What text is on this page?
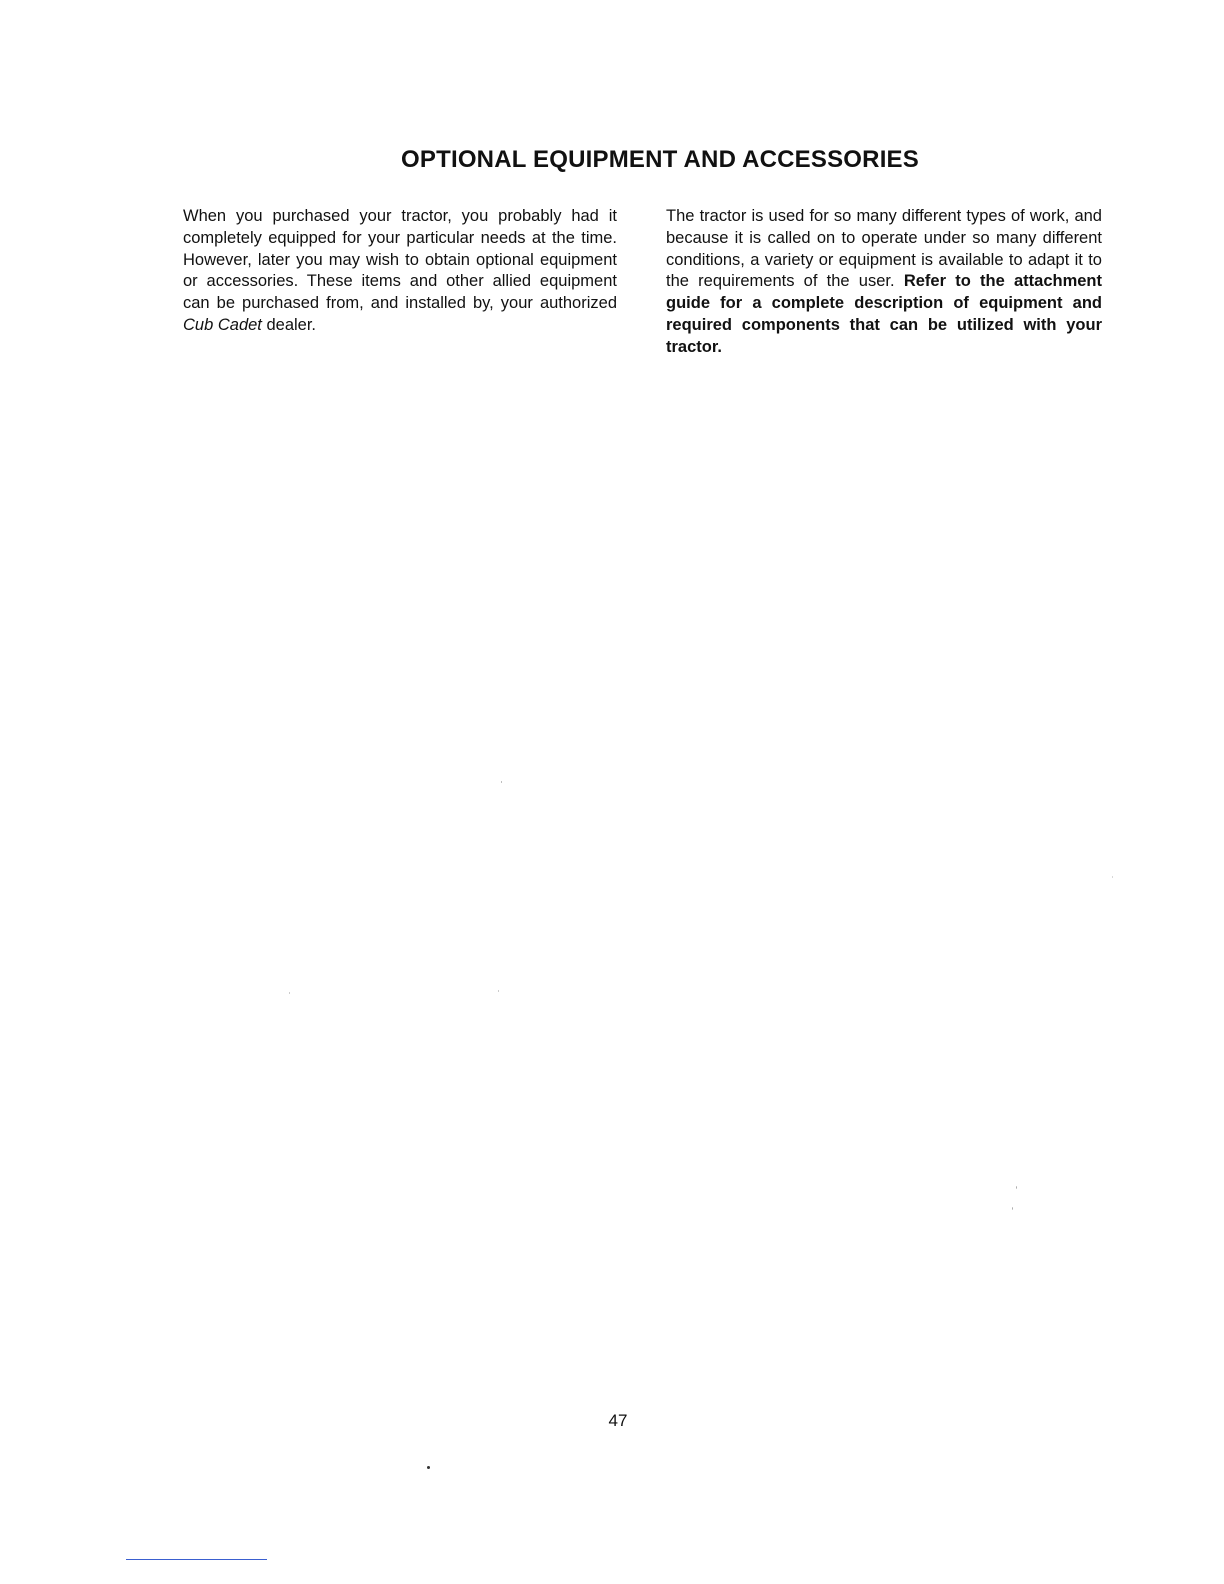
OPTIONAL EQUIPMENT AND ACCESSORIES

When you purchased your tractor, you probably had it completely equipped for your particular needs at the time. However, later you may wish to obtain optional equipment or accessories. These items and other allied equipment can be purchased from, and installed by, your authorized Cub Cadet dealer.

The tractor is used for so many different types of work, and because it is called on to operate under so many different conditions, a variety or equipment is available to adapt it to the requirements of the user. Refer to the attachment guide for a complete description of equipment and required components that can be utilized with your tractor.

47
